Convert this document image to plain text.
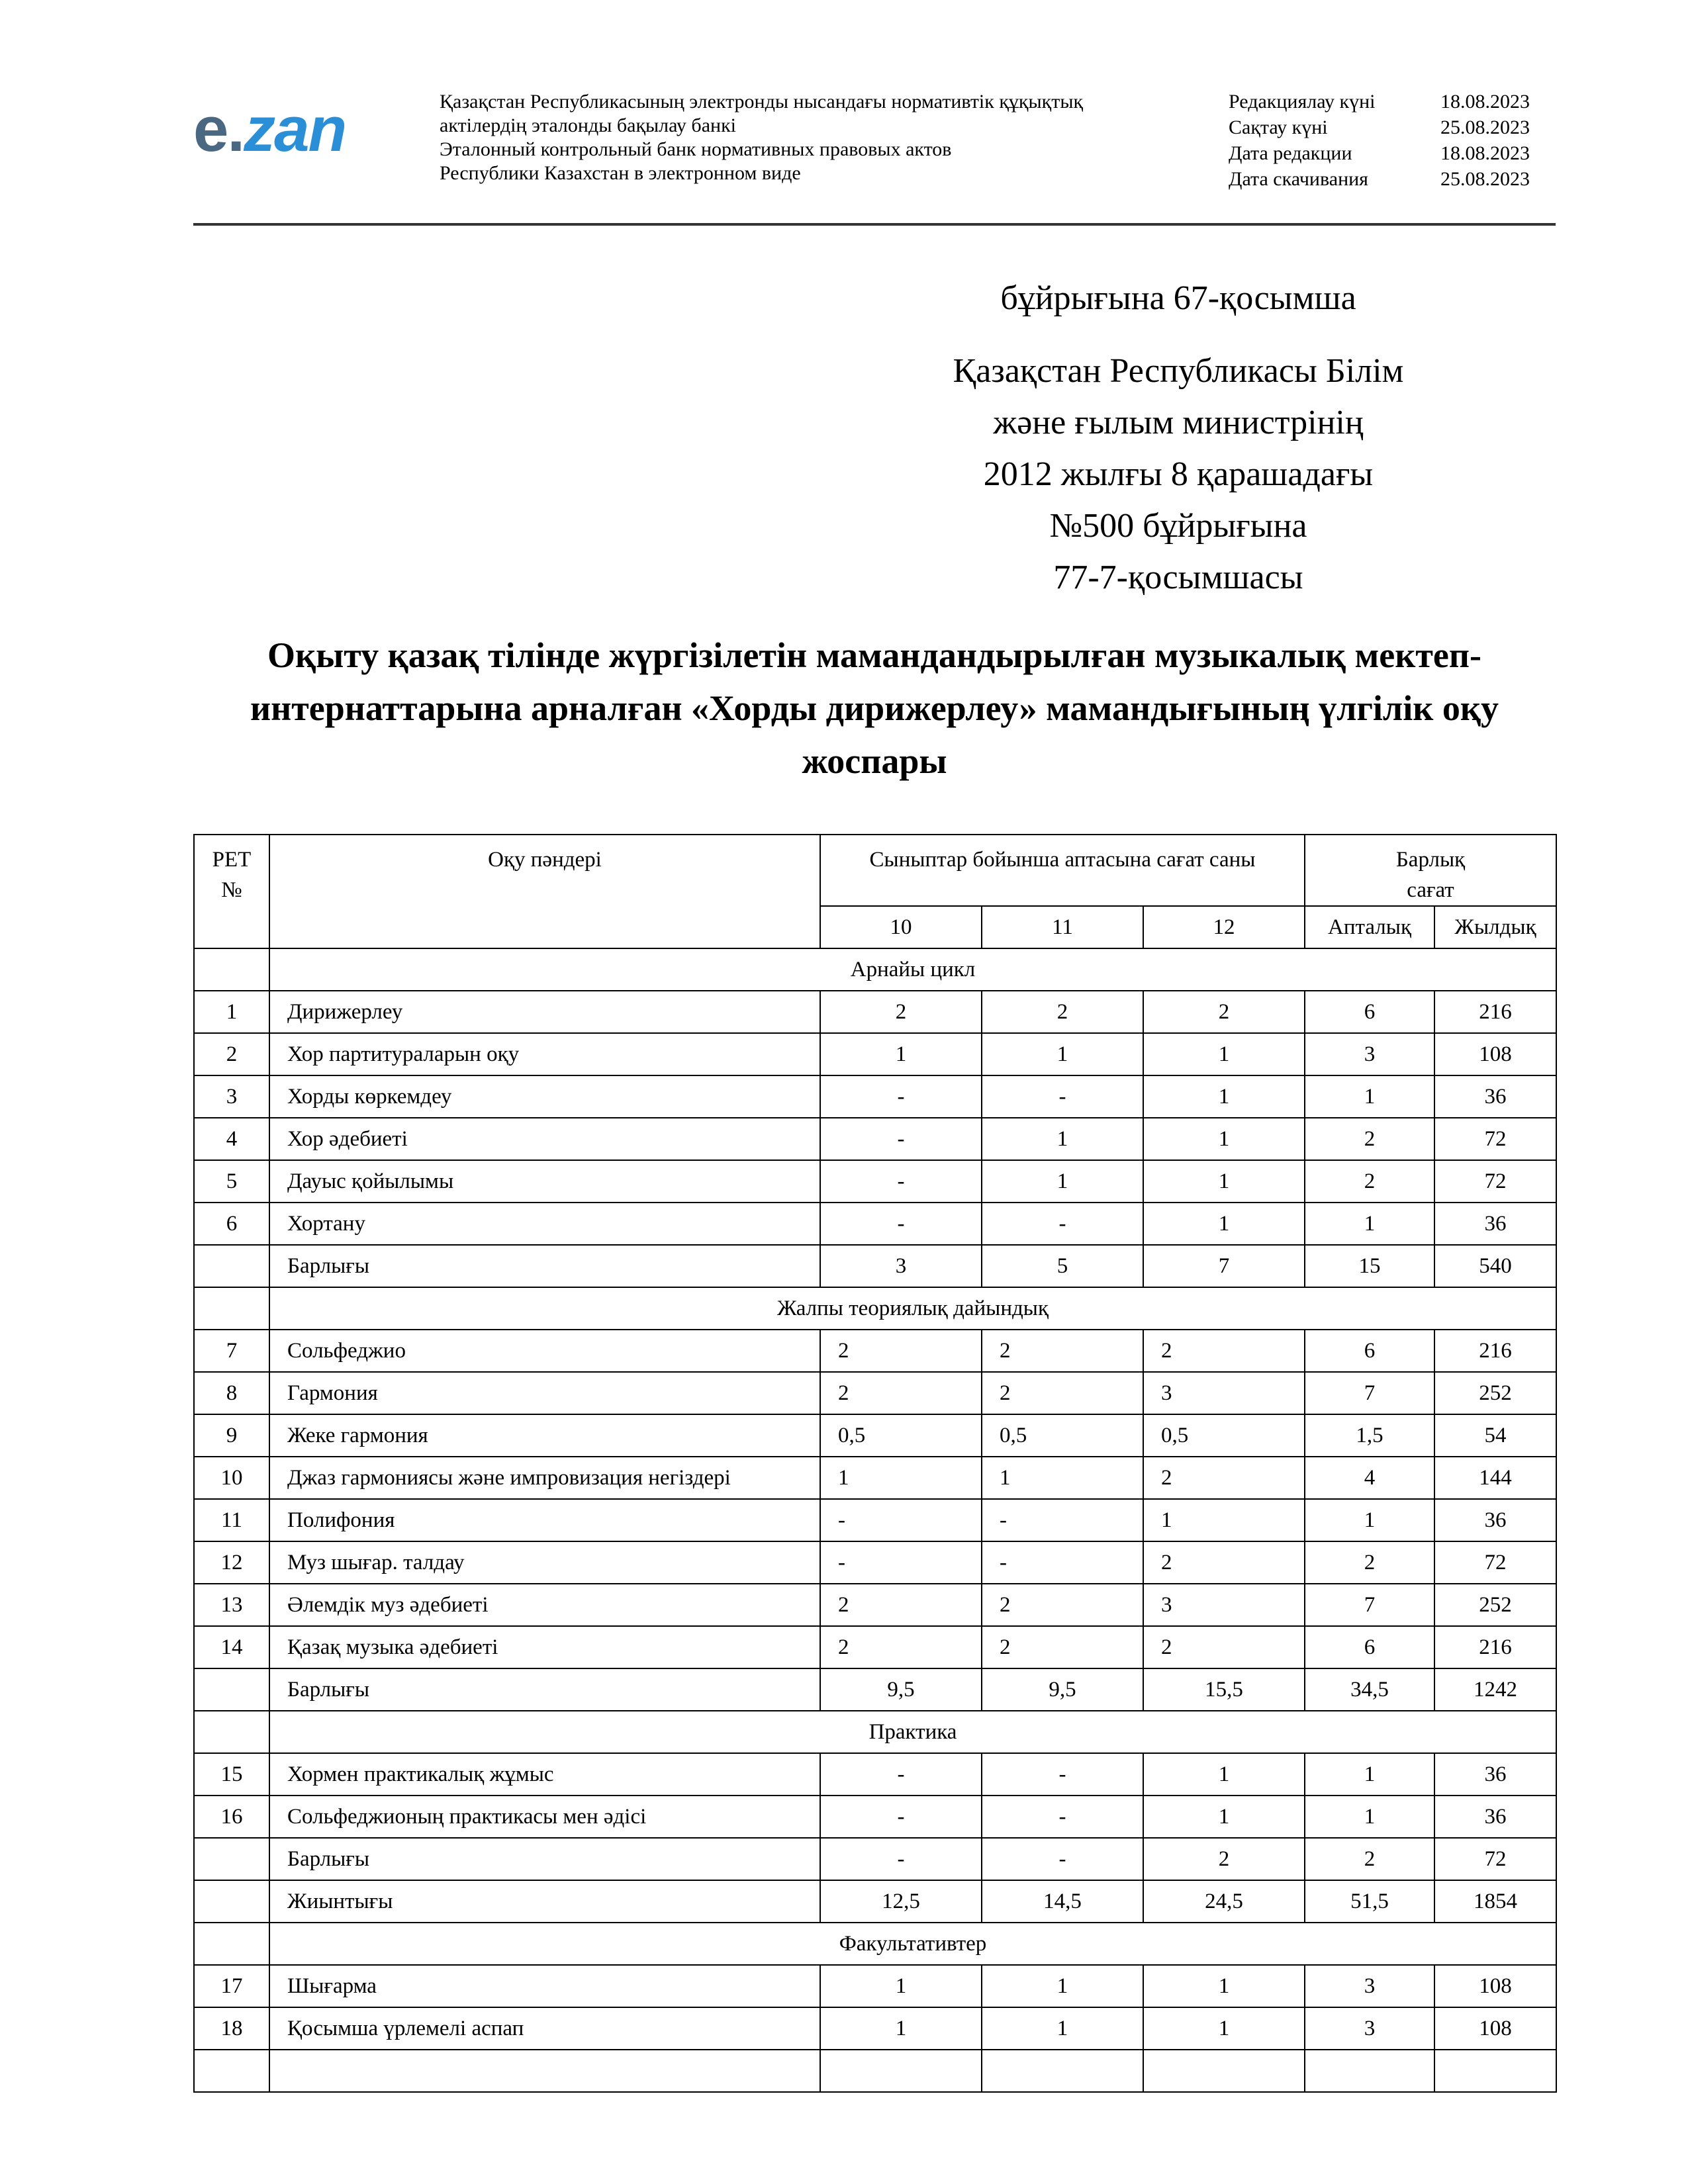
e.zan	Қазақстан Республикасының электронды нысандағы нормативтік құқықтық
актілердің эталонды бақылау банкі
Эталонный контрольный банк нормативных правовых актов
Республики Казахстан в электронном виде
Редакциялау күні	18.08.2023
Сақтау күні	25.08.2023
Дата редакции	18.08.2023
Дата скачивания	25.08.2023
бұйрығына 67-қосымша
Қазақстан Республикасы Білім
және ғылым министрінің
2012 жылғы 8 қарашадағы
№500 бұйрығына
77-7-қосымшасы
Оқыту қазақ тілінде жүргізілетін мамандандырылған музыкалық мектеп-
интернаттарына арналған «Хорды дирижерлеу» мамандығының үлгілік оқу
жоспары
РЕТ №	Оқу пәндері	Сыныптар бойынша аптасына сағат саны			Барлық сағат	
		10	11	12	Апталық	Жылдық
	Арнайы цикл					
1	Дирижерлеу	2	2	2	6	216
2	Хор партитураларын оқу	1	1	1	3	108
3	Хорды көркемдеу	-	-	1	1	36
4	Хор әдебиеті	-	1	1	2	72
5	Дауыс қойылымы	-	1	1	2	72
6	Хортану	-	-	1	1	36
	Барлығы	3	5	7	15	540
	Жалпы теориялық дайындық					
7	Сольфеджио	2	2	2	6	216
8	Гармония	2	2	3	7	252
9	Жеке гармония	0,5	0,5	0,5	1,5	54
10	Джаз гармониясы және импровизация негіздері	1	1	2	4	144
11	Полифония	-	-	1	1	36
12	Муз шығар. талдау	-	-	2	2	72
13	Әлемдік муз әдебиеті	2	2	3	7	252
14	Қазақ музыка әдебиеті	2	2	2	6	216
	Барлығы	9,5	9,5	15,5	34,5	1242
	Практика					
15	Хормен практикалық жұмыс	-	-	1	1	36
16	Сольфеджионың практикасы мен әдісі	-	-	1	1	36
	Барлығы	-	-	2	2	72
	Жиынтығы	12,5	14,5	24,5	51,5	1854
	Факультативтер					
17	Шығарма	1	1	1	3	108
18	Қосымша үрлемелі аспап	1	1	1	3	108
